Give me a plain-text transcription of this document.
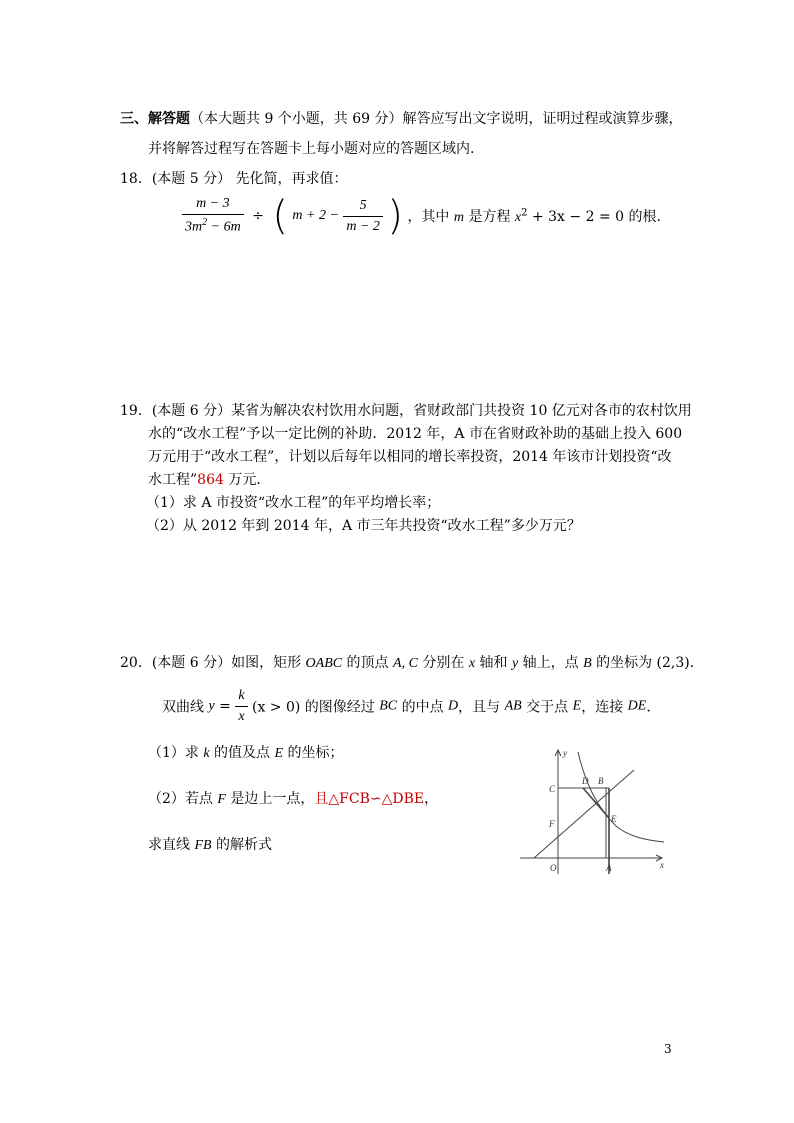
三、解答题（本大题共 9 个小题，共 69 分）解答应写出文字说明，证明过程或演算步骤，
并将解答过程写在答题卡上每小题对应的答题区域内.
18．(本题 5 分） 先化简，再求值：
$\frac{m - 3}{3m^2 - 6m}$ ÷ ( $m + 2 - \frac{5}{m - 2}$ ) ，其中 m 是方程 $x^2 + 3x - 2 = 0$ 的根.
19．(本题 6 分）某省为解决农村饮用水问题，省财政部门共投资 10 亿元对各市的农村饮用
水的“改水工程”予以一定比例的补助．2012 年，A 市在省财政补助的基础上投入 600
万元用于“改水工程”，计划以后每年以相同的增长率投资，2014 年该市计划投资“改
水工程”864 万元．
（1）求 A 市投资“改水工程”的年平均增长率；
（2）从 2012 年到 2014 年，A 市三年共投资“改水工程”多少万元？
20．(本题 6 分）如图，矩形 OABC 的顶点 A, C 分别在 x 轴和 y 轴上，点 B 的坐标为 (2,3)．
双曲线 $y = \frac{k}{x} (x > 0)$ 的图像经过 BC 的中点 D，且与 AB 交于点 E，连接 DE．
（1）求 k 的值及点 E 的坐标；
（2）若点 F 是边上一点，且△FCB∽△DBE，
求直线 FB 的解析式
y
x
O	A
C
D B
E
F
3
